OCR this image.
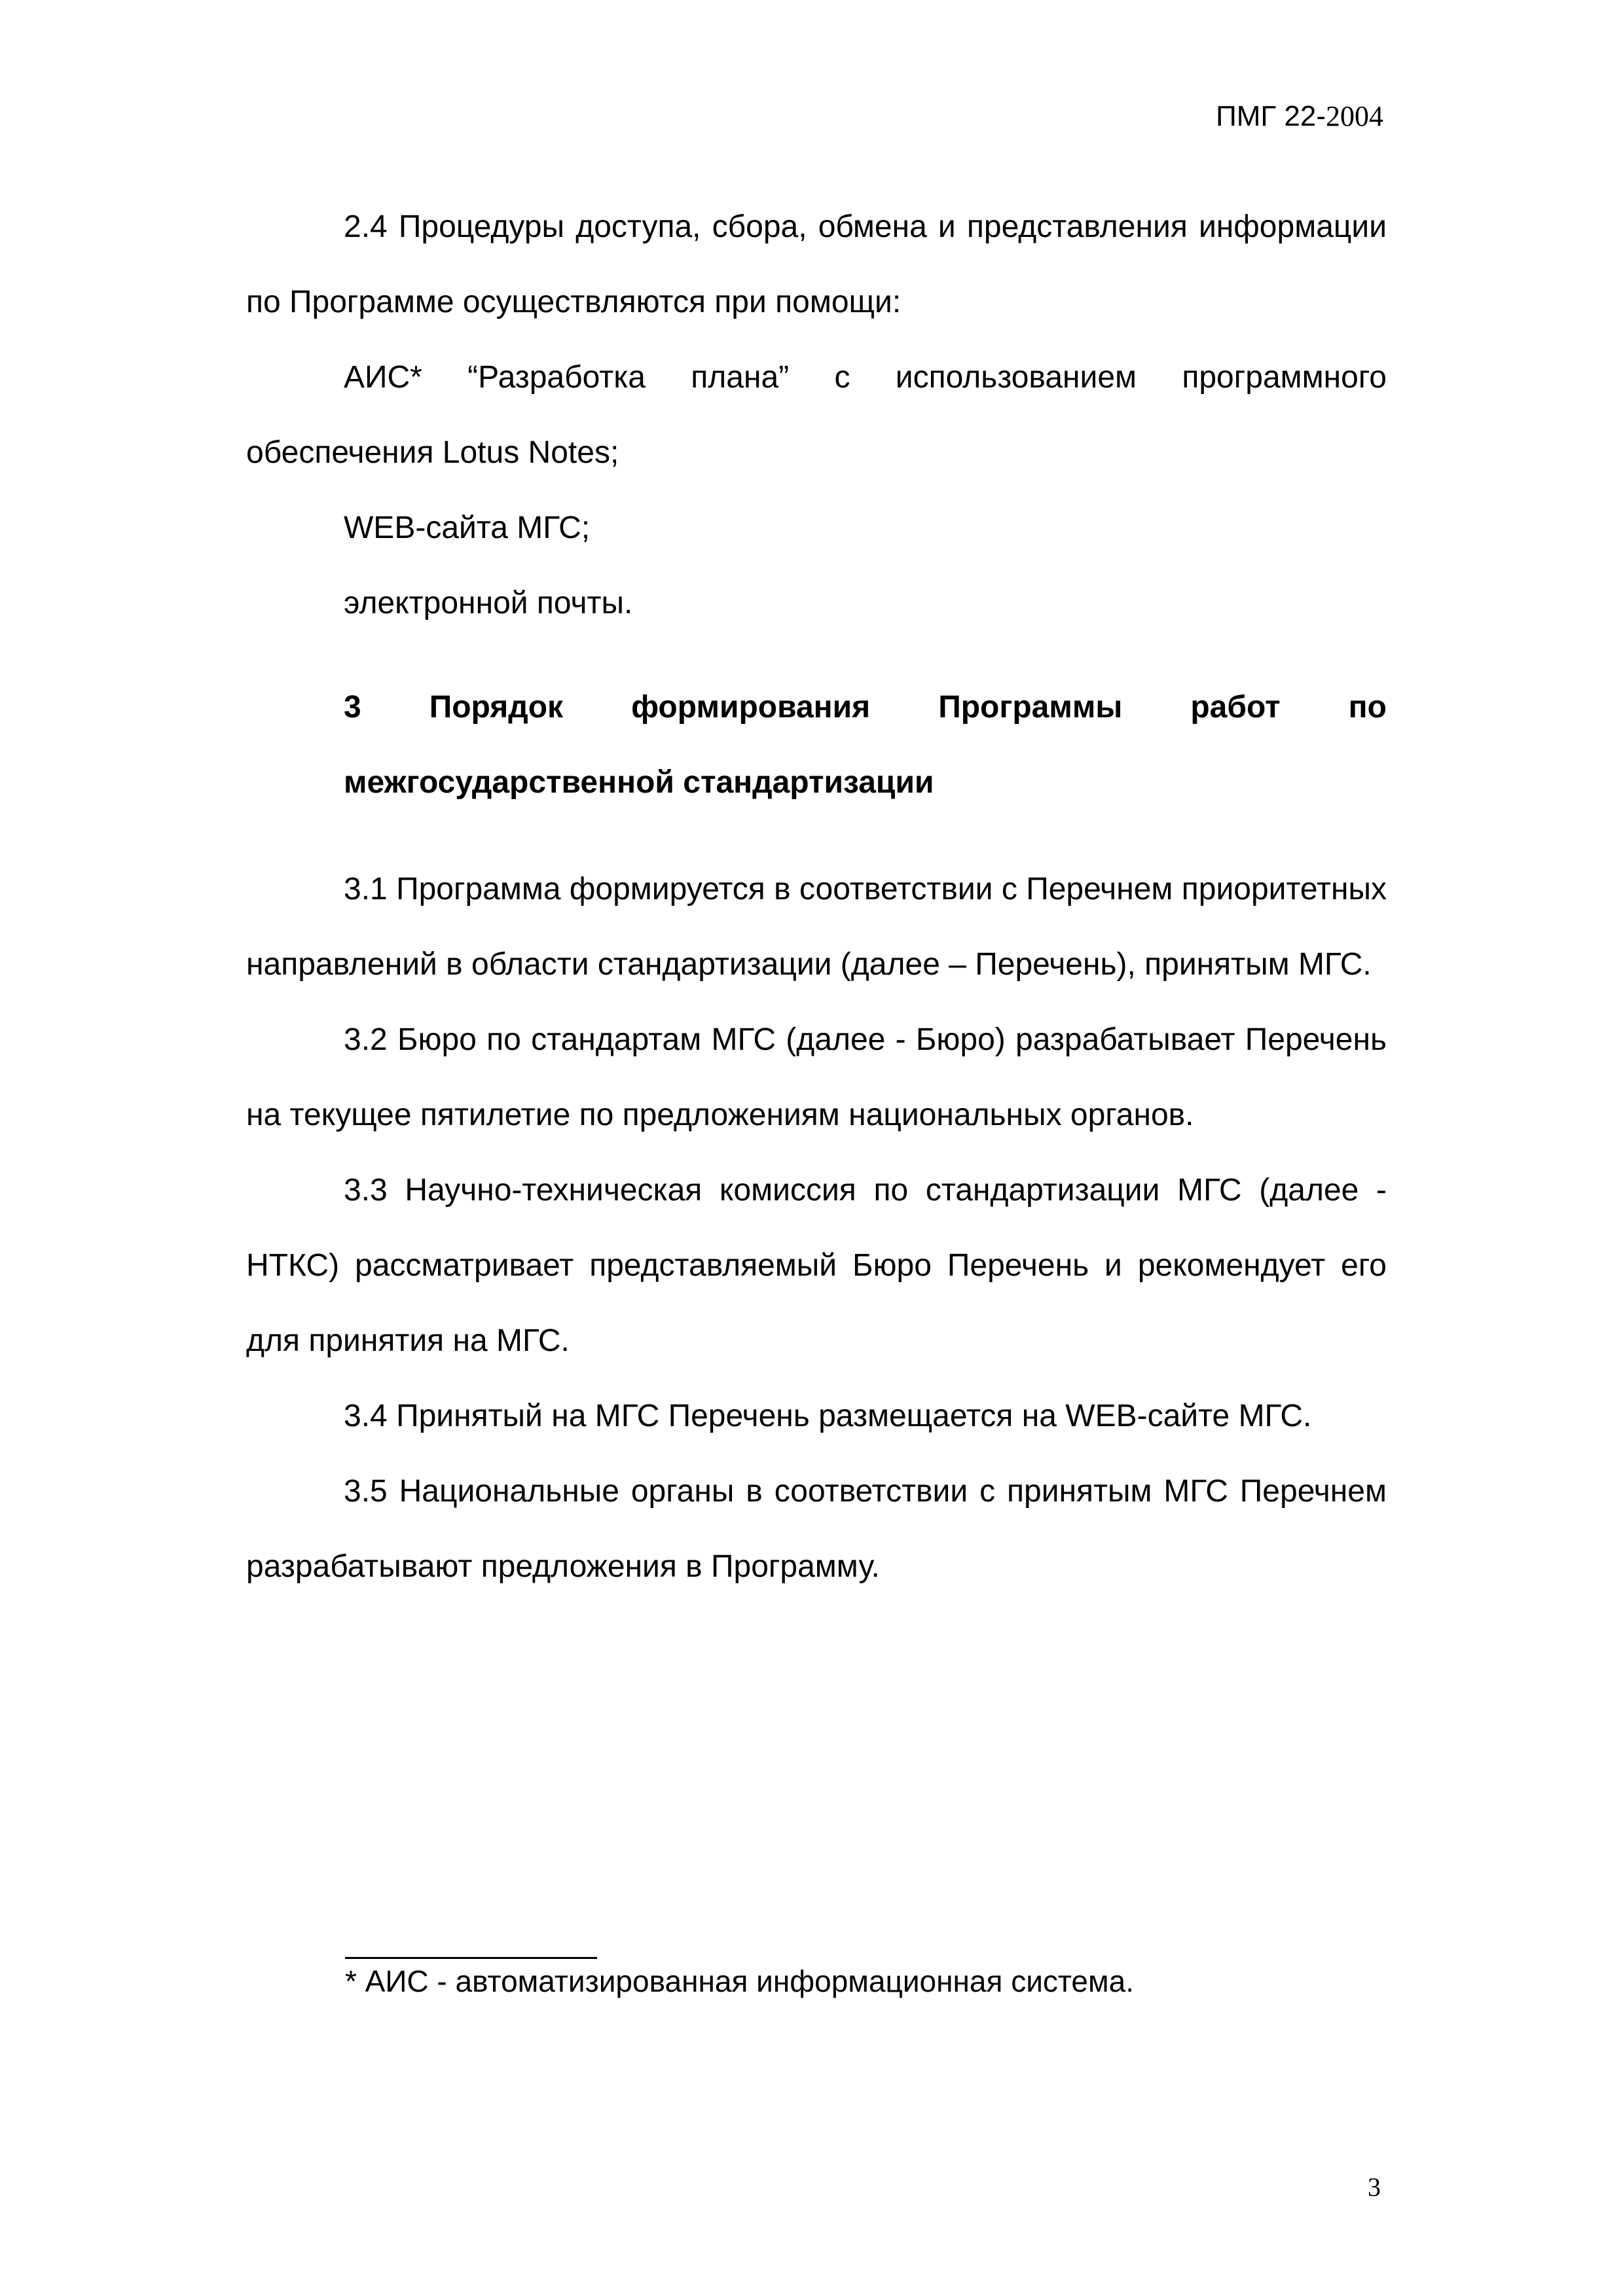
ПМГ 22-2004

2.4 Процедуры доступа, сбора, обмена и представления информации по Программе осуществляются при помощи:

АИС* “Разработка плана” с использованием программного обеспечения Lotus Notes;

WEB-сайта МГС;

электронной почты.

3 Порядок формирования Программы работ по
межгосударственной стандартизации

3.1 Программа формируется в соответствии с Перечнем приоритетных направлений в области стандартизации (далее – Перечень), принятым МГС.

3.2 Бюро по стандартам МГС (далее - Бюро) разрабатывает Перечень на текущее пятилетие по предложениям национальных органов.

3.3 Научно-техническая комиссия по стандартизации МГС (далее - НТКС) рассматривает представляемый Бюро Перечень и рекомендует его для принятия на МГС.

3.4 Принятый на МГС Перечень размещается на WEB-сайте МГС.

3.5 Национальные органы в соответствии с принятым МГС Перечнем разрабатывают предложения в Программу.

* АИС - автоматизированная информационная система.
3
